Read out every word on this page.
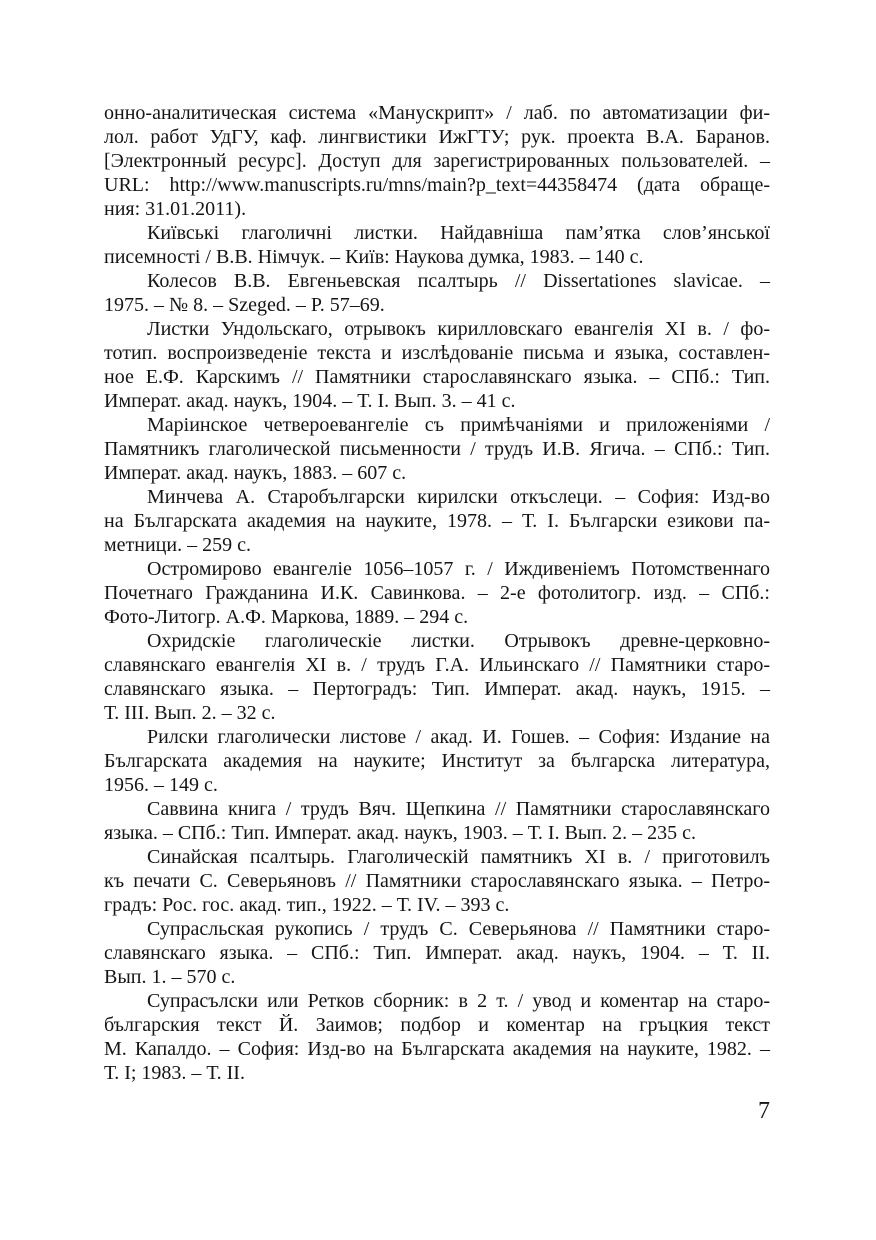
онно-аналитическая система «Манускрипт» / лаб. по автоматизации фи-
лол. работ УдГУ, каф. лингвистики ИжГТУ; рук. проекта В.А. Баранов.
[Электронный ресурс]. Доступ для зарегистрированных пользователей. –
URL: http://www.manuscripts.ru/mns/main?p_text=44358474 (дата обраще-
ния: 31.01.2011).
Київські глаголичні листки. Найдавніша пам’ятка слов’янської
писемності / В.В. Німчук. – Київ: Наукова думка, 1983. – 140 с.
Колесов В.В. Евгеньевская псалтырь // Dissertationes slavicae. –
1975. – № 8. – Szeged. – P. 57–69.
Листки Ундольскаго, отрывокъ кирилловскаго евангелія XI в. / фо-
тотип. воспроизведеніе текста и изслѣдованіе письма и языка, составлен-
ное Е.Ф. Карскимъ // Памятники старославянскаго языка. – СПб.: Тип.
Императ. акад. наукъ, 1904. – Т. I. Вып. 3. – 41 с.
Маріинское четвероевангеліе съ примѣчаніями и приложеніями /
Памятникъ глаголической письменности / трудъ И.В. Ягича. – СПб.: Тип.
Императ. акад. наукъ, 1883. – 607 с.
Минчева А. Старобългарски кирилски откъслеци. – София: Изд-во
на Българската академия на науките, 1978. – Т. I. Български езикови па-
метници. – 259 с.
Остромирово евангеліе 1056–1057 г. / Иждивеніемъ Потомственнаго
Почетнаго Гражданина И.К. Савинкова. – 2-е фотолитогр. изд. – СПб.:
Фото-Литогр. А.Ф. Маркова, 1889. – 294 с.
Охридскіе глаголическіе листки. Отрывокъ древне-церковно-
славянскаго евангелія XI в. / трудъ Г.А. Ильинскаго // Памятники старо-
славянскаго языка. – Пертоградъ: Тип. Императ. акад. наукъ, 1915. –
Т. III. Вып. 2. – 32 с.
Рилски глаголически листове / акад. И. Гошев. – София: Издание на
Българската академия на науките; Институт за българска литература,
1956. – 149 с.
Саввина книга / трудъ Вяч. Щепкина // Памятники старославянскаго
языка. – СПб.: Тип. Императ. акад. наукъ, 1903. – Т. I. Вып. 2. – 235 с.
Синайская псалтырь. Глаголическій памятникъ XI в. / приготовилъ
къ печати С. Северьяновъ // Памятники старославянскаго языка. – Петро-
градъ: Рос. гос. акад. тип., 1922. – Т. IV. – 393 с.
Супрасльская рукопись / трудъ С. Северьянова // Памятники старо-
славянскаго языка. – СПб.: Тип. Императ. акад. наукъ, 1904. – Т. II.
Вып. 1. – 570 с.
Супрасълски или Ретков сборник: в 2 т. / увод и коментар на старо-
българския текст Й. Заимов; подбор и коментар на гръцкия текст
М. Капалдо. – София: Изд-во на Българската академия на науките, 1982. –
Т. I; 1983. – Т. II.
7
